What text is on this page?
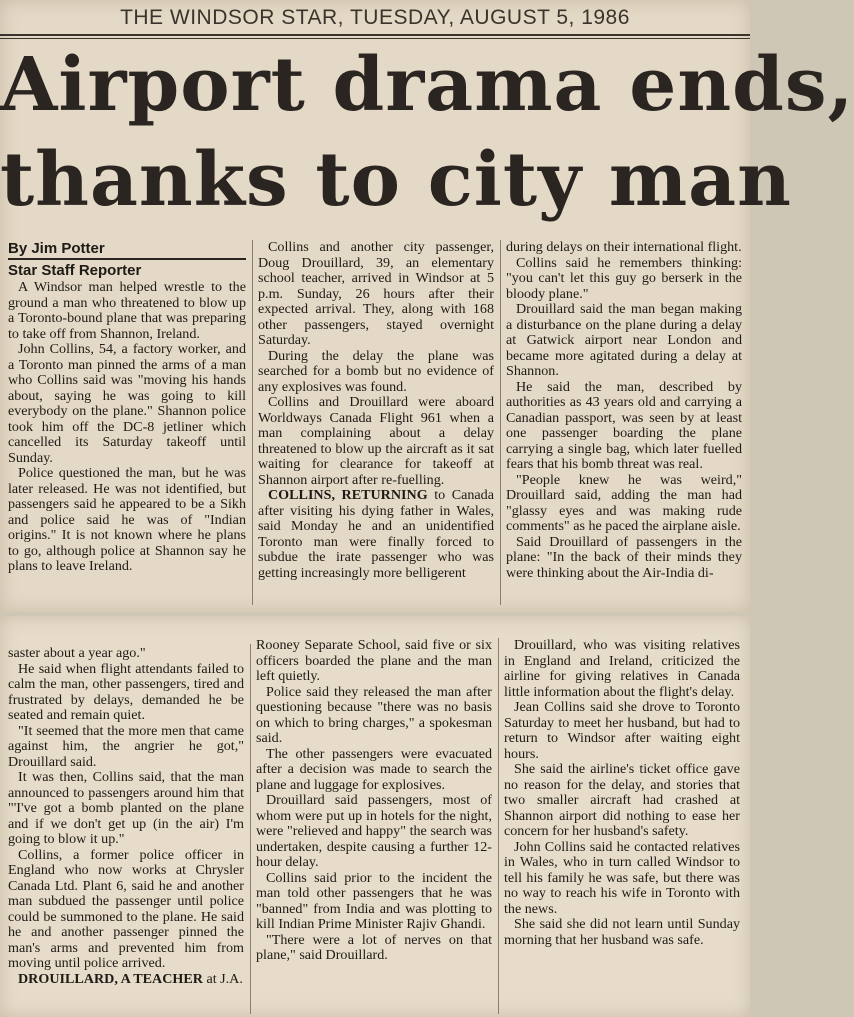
THE WINDSOR STAR, TUESDAY, AUGUST 5, 1986
Airport drama ends,
thanks to city man
By Jim Potter
Star Staff Reporter

A Windsor man helped wrestle to the ground a man who threatened to blow up a Toronto-bound plane that was preparing to take off from Shannon, Ireland.

John Collins, 54, a factory worker, and a Toronto man pinned the arms of a man who Collins said was "moving his hands about, saying he was going to kill everybody on the plane." Shannon police took him off the DC-8 jetliner which cancelled its Saturday takeoff until Sunday.

Police questioned the man, but he was later released. He was not identified, but passengers said he appeared to be a Sikh and police said he was of "Indian origins." It is not known where he plans to go, although police at Shannon say he plans to leave Ireland.

Collins and another city passenger, Doug Drouillard, 39, an elementary school teacher, arrived in Windsor at 5 p.m. Sunday, 26 hours after their expected arrival. They, along with 168 other passengers, stayed overnight Saturday.

During the delay the plane was searched for a bomb but no evidence of any explosives was found.

Collins and Drouillard were aboard Worldways Canada Flight 961 when a man complaining about a delay threatened to blow up the aircraft as it sat waiting for clearance for takeoff at Shannon airport after re-fuelling.

COLLINS, RETURNING to Canada after visiting his dying father in Wales, said Monday he and an unidentified Toronto man were finally forced to subdue the irate passenger who was getting increasingly more belligerent

during delays on their international flight.

Collins said he remembers thinking: "you can't let this guy go berserk in the bloody plane."

Drouillard said the man began making a disturbance on the plane during a delay at Gatwick airport near London and became more agitated during a delay at Shannon.

He said the man, described by authorities as 43 years old and carrying a Canadian passport, was seen by at least one passenger boarding the plane carrying a single bag, which later fuelled fears that his bomb threat was real.

"People knew he was weird," Drouillard said, adding the man had "glassy eyes and was making rude comments" as he paced the airplane aisle.

Said Drouillard of passengers in the plane: "In the back of their minds they were thinking about the Air-India di-

saster about a year ago."

He said when flight attendants failed to calm the man, other passengers, tired and frustrated by delays, demanded he be seated and remain quiet.

"It seemed that the more men that came against him, the angrier he got," Drouillard said.

It was then, Collins said, that the man announced to passengers around him that "'I've got a bomb planted on the plane and if we don't get up (in the air) I'm going to blow it up."

Collins, a former police officer in England who now works at Chrysler Canada Ltd. Plant 6, said he and another man subdued the passenger until police could be summoned to the plane. He said he and another passenger pinned the man's arms and prevented him from moving until police arrived.

DROUILLARD, A TEACHER at J.A.

Rooney Separate School, said five or six officers boarded the plane and the man left quietly.

Police said they released the man after questioning because "there was no basis on which to bring charges," a spokesman said.

The other passengers were evacuated after a decision was made to search the plane and luggage for explosives.

Drouillard said passengers, most of whom were put up in hotels for the night, were "relieved and happy" the search was undertaken, despite causing a further 12-hour delay.

Collins said prior to the incident the man told other passengers that he was "banned" from India and was plotting to kill Indian Prime Minister Rajiv Ghandi.

"There were a lot of nerves on that plane," said Drouillard.

Drouillard, who was visiting relatives in England and Ireland, criticized the airline for giving relatives in Canada little information about the flight's delay.

Jean Collins said she drove to Toronto Saturday to meet her husband, but had to return to Windsor after waiting eight hours.

She said the airline's ticket office gave no reason for the delay, and stories that two smaller aircraft had crashed at Shannon airport did nothing to ease her concern for her husband's safety.

John Collins said he contacted relatives in Wales, who in turn called Windsor to tell his family he was safe, but there was no way to reach his wife in Toronto with the news.

She said she did not learn until Sunday morning that her husband was safe.
